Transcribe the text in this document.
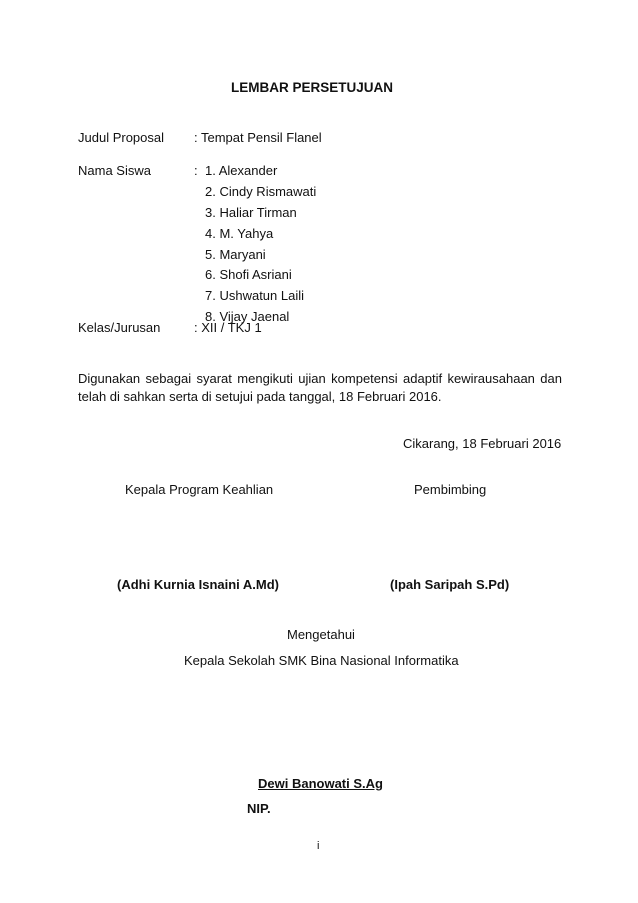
LEMBAR PERSETUJUAN
Judul Proposal : Tempat Pensil Flanel
Nama Siswa	: 1. Alexander
2. Cindy Rismawati
3. Haliar Tirman
4. M. Yahya
5. Maryani
6. Shofi Asriani
7. Ushwatun Laili
8. Vijay Jaenal
Kelas/Jurusan	: XII / TKJ 1
Digunakan sebagai syarat mengikuti ujian kompetensi adaptif kewirausahaan dan
telah di sahkan serta di setujui pada tanggal, 18 Februari 2016.
Cikarang, 18 Februari 2016
Kepala Program Keahlian	Pembimbing
(Adhi Kurnia Isnaini A.Md)	(Ipah Saripah S.Pd)
Mengetahui
Kepala Sekolah SMK Bina Nasional Informatika
Dewi Banowati S.Ag
NIP.
i
